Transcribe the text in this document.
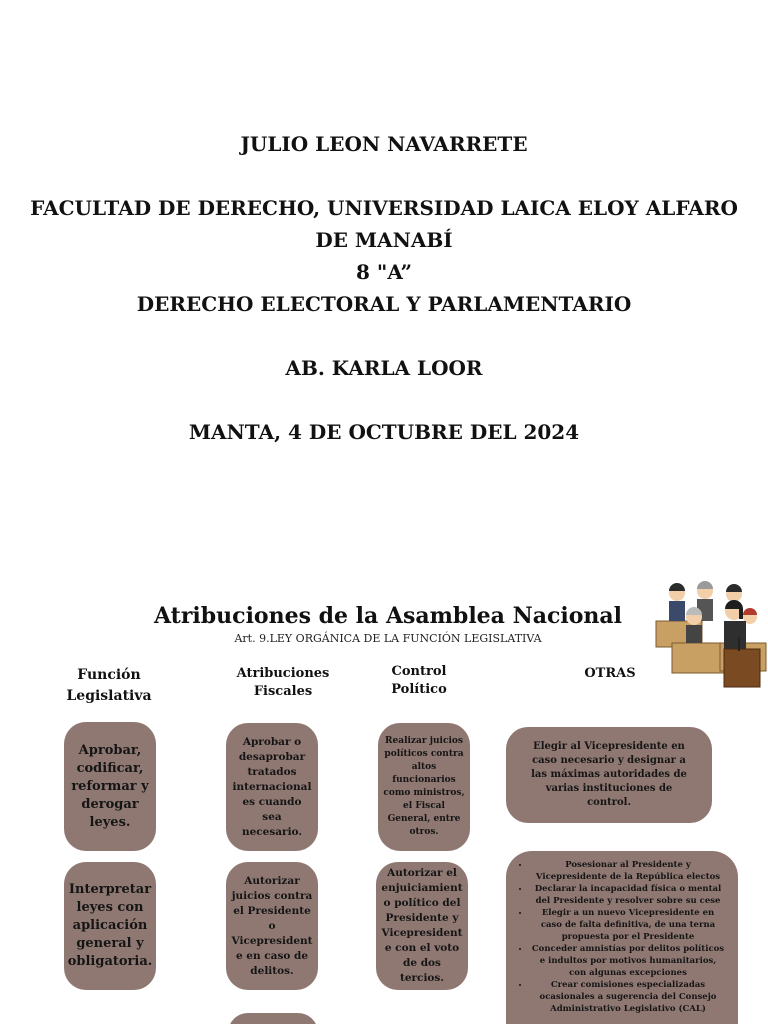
JULIO LEON NAVARRETE

FACULTAD DE DERECHO, UNIVERSIDAD LAICA ELOY ALFARO

DE MANABÍ

8 "A”

DERECHO ELECTORAL Y PARLAMENTARIO

AB. KARLA LOOR

MANTA, 4 DE OCTUBRE DEL 2024

Atribuciones de la Asamblea Nacional
Art. 9.LEY ORGÁNICA DE LA FUNCIÓN LEGISLATIVA
Función Legislativa
Atribuciones Fiscales
Control Político
OTRAS
Aprobar, codificar, reformar y derogar leyes.
Interpretar leyes con aplicación general y obligatoria.
Aprobar o desaprobar tratados internacional es cuando sea necesario.
Autorizar juicios contra el Presidente o Vicepresident e en caso de delitos.
Realizar juicios políticos contra altos funcionarios como ministros, el Fiscal General, entre otros.
Autorizar el enjuiciamient o político del Presidente y Vicepresident e con el voto de dos tercios.
Elegir al Vicepresidente en caso necesario y designar a las máximas autoridades de varias instituciones de control.
• Posesionar al Presidente y Vicepresidente de la República electos
• Declarar la incapacidad física o mental del Presidente y resolver sobre su cese
• Elegir a un nuevo Vicepresidente en caso de falta definitiva, de una terna propuesta por el Presidente
• Conceder amnistías por delitos políticos e indultos por motivos humanitarios, con algunas excepciones
• Crear comisiones especializadas ocasionales a sugerencia del Consejo Administrativo Legislativo (CAL)
